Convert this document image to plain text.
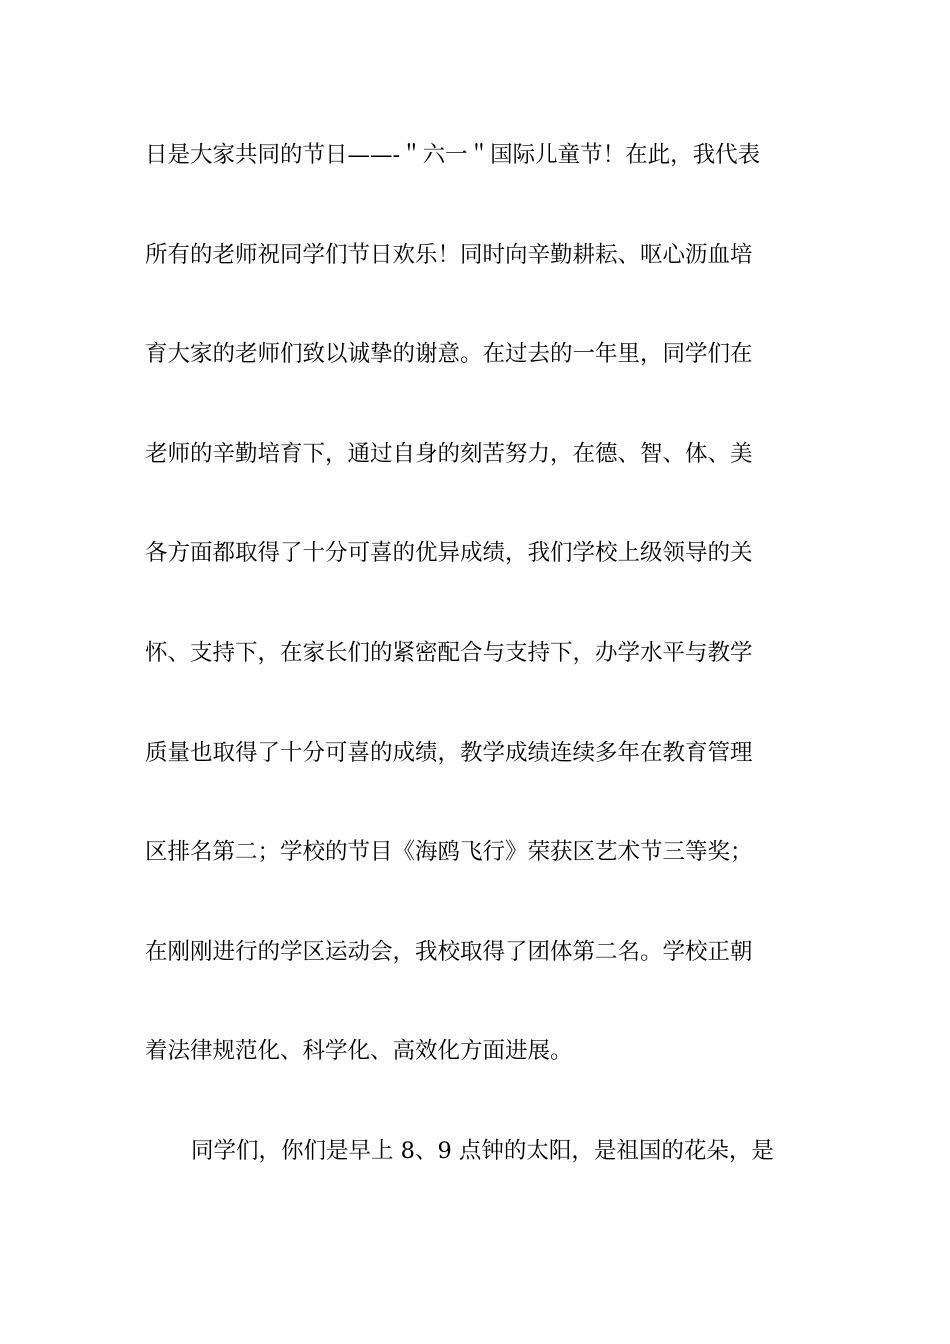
日是大家共同的节日——-＂六一＂国际儿童节！在此，我代表
所有的老师祝同学们节日欢乐！同时向辛勤耕耘、呕心沥血培
育大家的老师们致以诚挚的谢意。在过去的一年里，同学们在
老师的辛勤培育下，通过自身的刻苦努力，在德、智、体、美
各方面都取得了十分可喜的优异成绩，我们学校上级领导的关
怀、支持下，在家长们的紧密配合与支持下，办学水平与教学
质量也取得了十分可喜的成绩，教学成绩连续多年在教育管理
区排名第二；学校的节目《海鸥飞行》荣获区艺术节三等奖；
在刚刚进行的学区运动会，我校取得了团体第二名。学校正朝
着法律规范化、科学化、高效化方面进展。
同学们，你们是早上 8、9 点钟的太阳，是祖国的花朵，是
